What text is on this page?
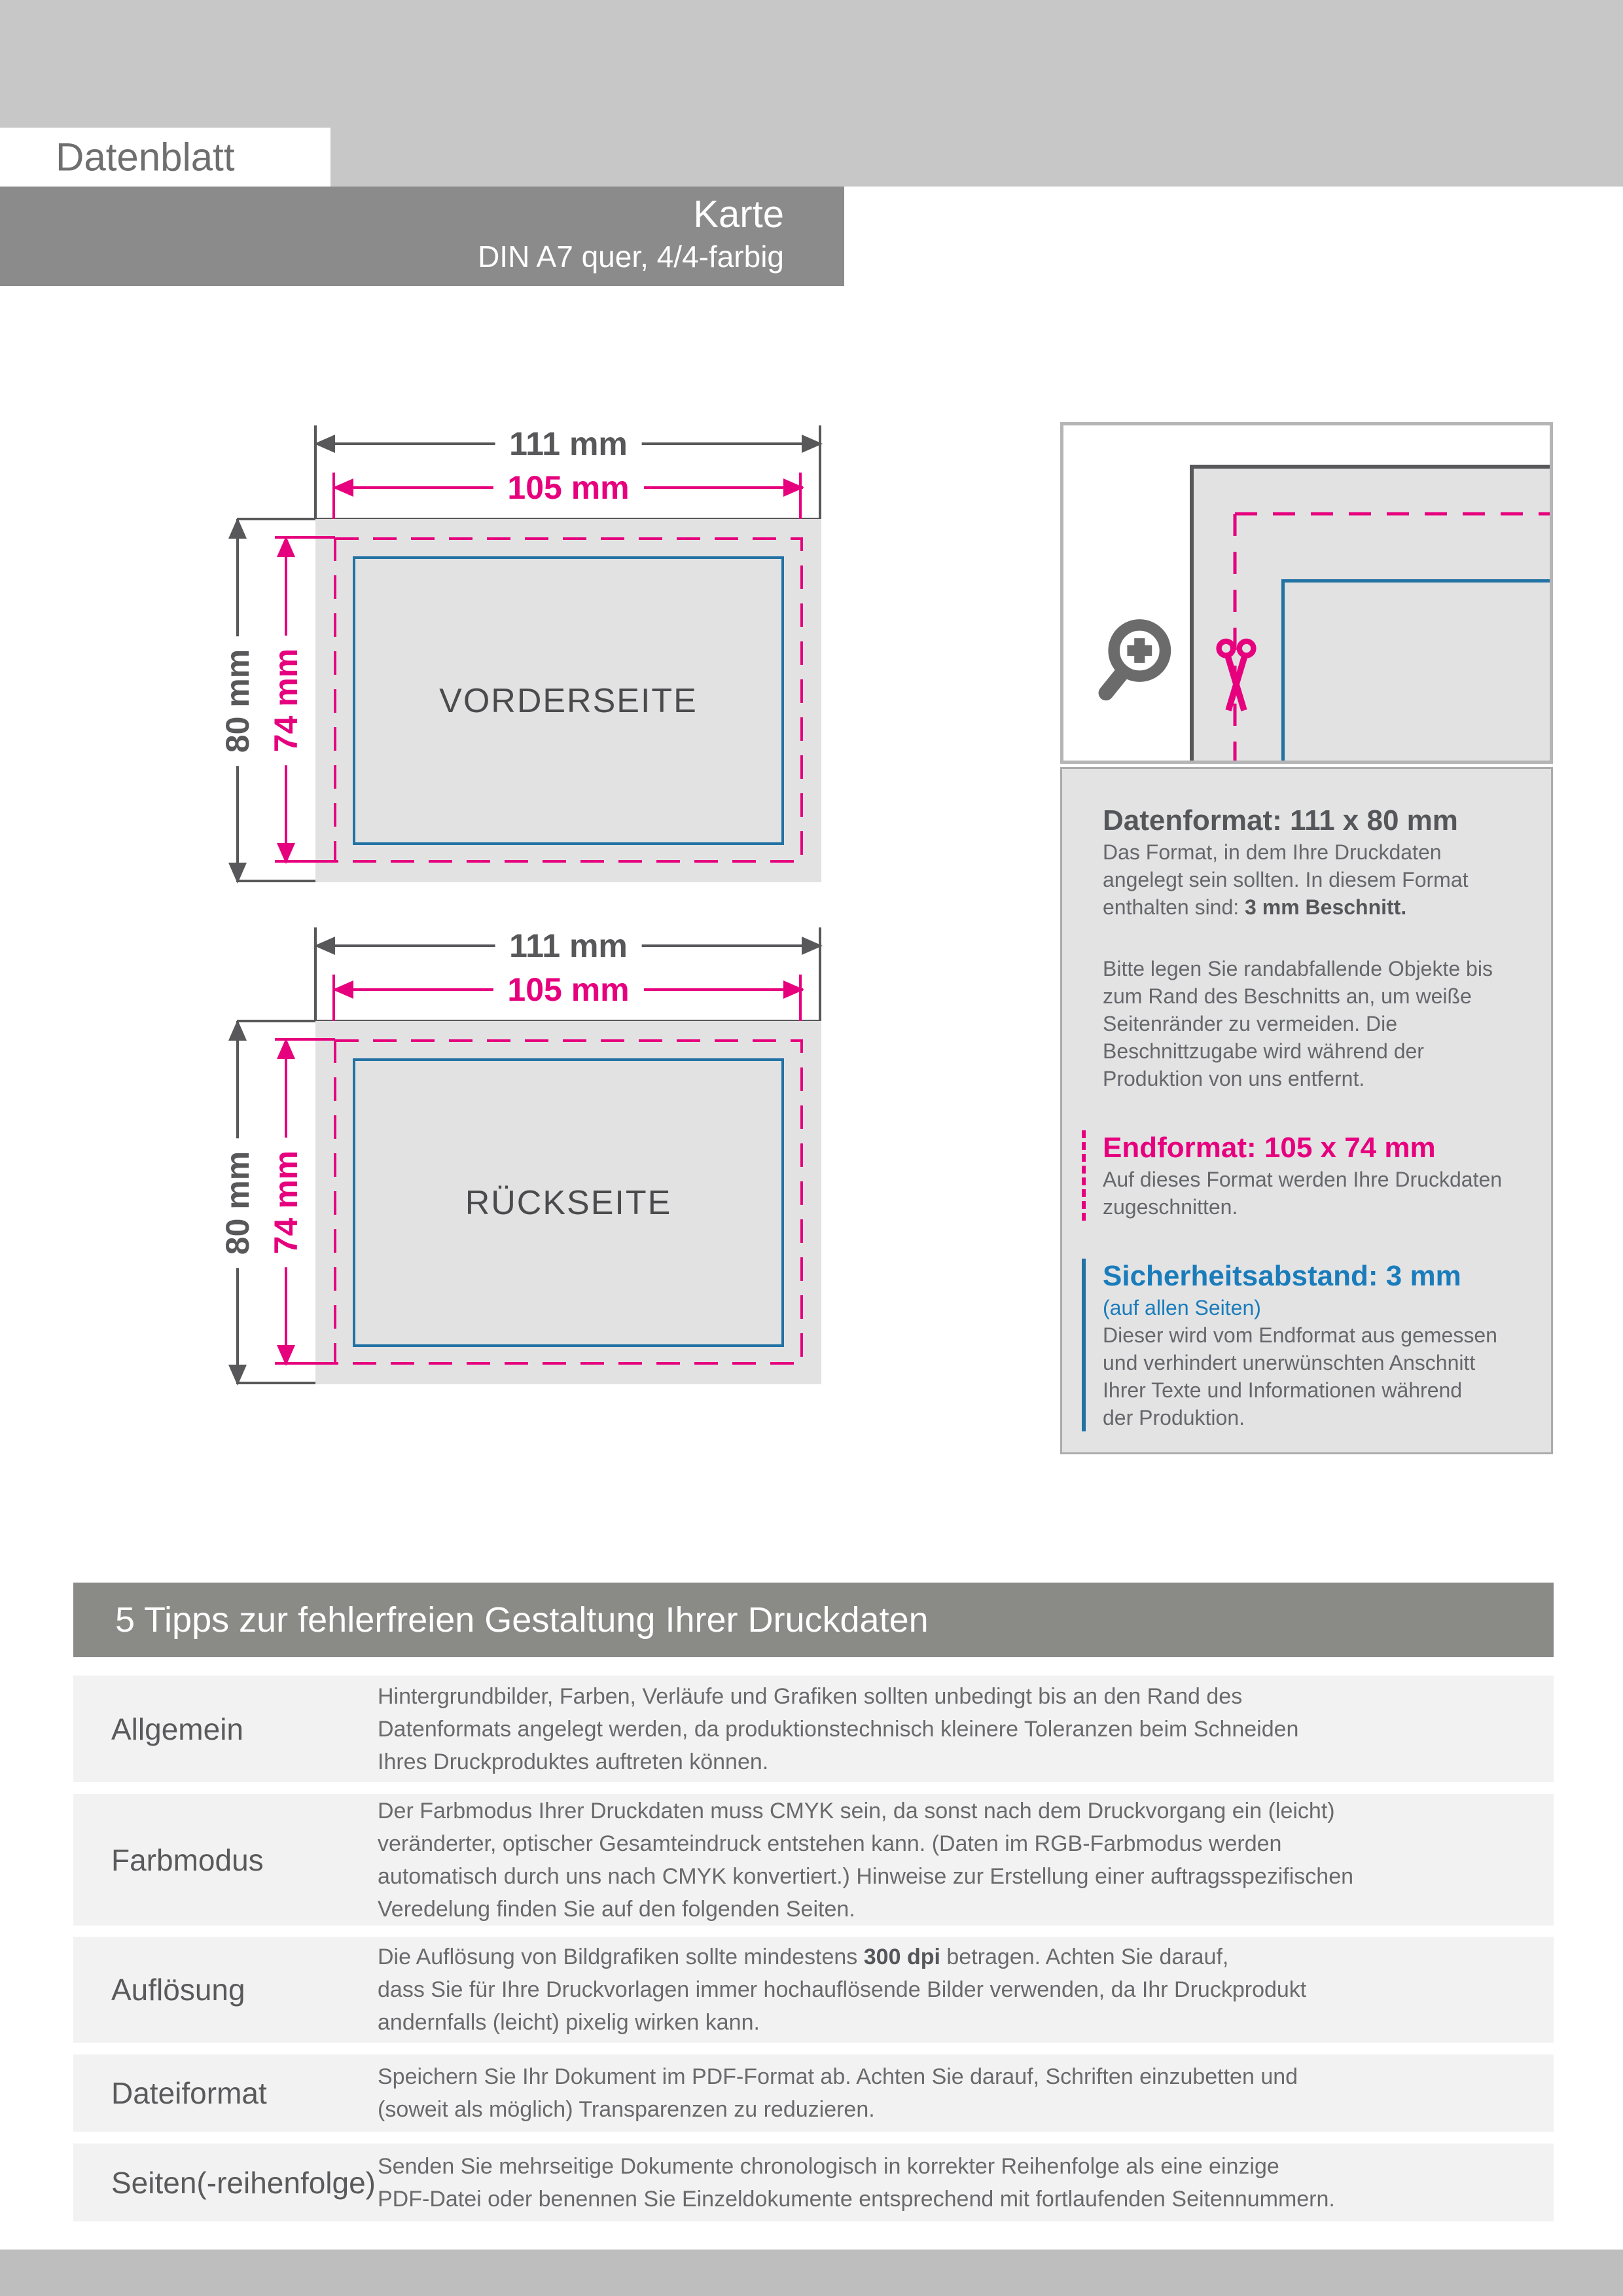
Datenblatt
Karte
DIN A7 quer, 4/4-farbig
111 mm
105 mm
VORDERSEITE
80 mm 74 mm
111 mm
105 mm
RÜCKSEITE
80 mm 74 mm
Datenformat: 111 x 80 mm
Das Format, in dem Ihre Druckdaten
angelegt sein sollten. In diesem Format
enthalten sind: 3 mm Beschnitt.
Bitte legen Sie randabfallende Objekte bis
zum Rand des Beschnitts an, um weiße
Seitenränder zu vermeiden. Die
Beschnittzugabe wird während der
Produktion von uns entfernt.
Endformat: 105 x 74 mm
Auf dieses Format werden Ihre Druckdaten
zugeschnitten.
Sicherheitsabstand: 3 mm
(auf allen Seiten)
Dieser wird vom Endformat aus gemessen
und verhindert unerwünschten Anschnitt
Ihrer Texte und Informationen während
der Produktion.
5 Tipps zur fehlerfreien Gestaltung Ihrer Druckdaten
Allgemein
Hintergrundbilder, Farben, Verläufe und Grafiken sollten unbedingt bis an den Rand des
Datenformats angelegt werden, da produktionstechnisch kleinere Toleranzen beim Schneiden
Ihres Druckproduktes auftreten können.
Farbmodus
Der Farbmodus Ihrer Druckdaten muss CMYK sein, da sonst nach dem Druckvorgang ein (leicht)
veränderter, optischer Gesamteindruck entstehen kann. (Daten im RGB-Farbmodus werden
automatisch durch uns nach CMYK konvertiert.) Hinweise zur Erstellung einer auftragsspezifischen
Veredelung finden Sie auf den folgenden Seiten.
Auflösung
Die Auflösung von Bildgrafiken sollte mindestens 300 dpi betragen. Achten Sie darauf,
dass Sie für Ihre Druckvorlagen immer hochauflösende Bilder verwenden, da Ihr Druckprodukt
andernfalls (leicht) pixelig wirken kann.
Dateiformat	Speichern Sie Ihr Dokument im PDF-Format ab. Achten Sie darauf, Schriften einzubetten und
(soweit als möglich) Transparenzen zu reduzieren.
Seiten(-reihenfolge) Senden Sie mehrseitige Dokumente chronologisch in korrekter Reihenfolge als eine einzige
PDF-Datei oder benennen Sie Einzeldokumente entsprechend mit fortlaufenden Seitennummern.
